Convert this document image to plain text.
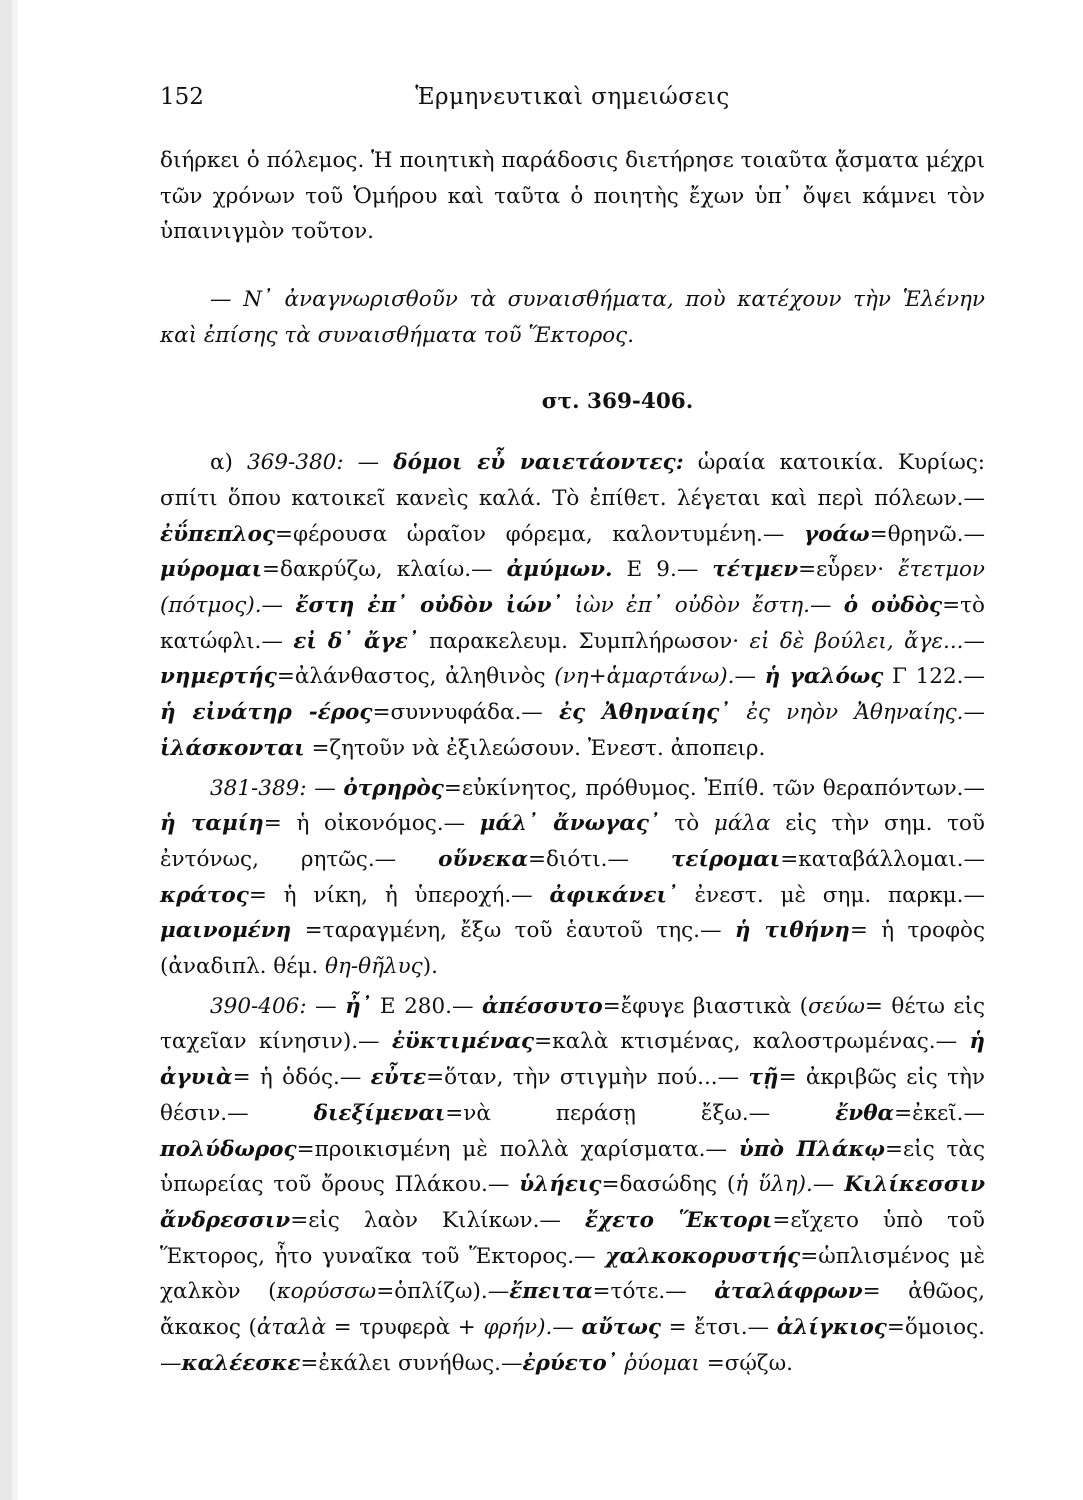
152	Ἑρμηνευτικαὶ σημειώσεις

διήρκει ὁ πόλεμος. Ἡ ποιητικὴ παράδοσις διετήρησε τοιαῦτα ᾄσματα μέχρι τῶν χρόνων τοῦ Ὁμήρου καὶ ταῦτα ὁ ποιητὴς ἔχων ὑπ᾿ ὄψει κάμνει τὸν ὑπαινιγμὸν τοῦτον.

— Ν᾿ ἀναγνωρισθοῦν τὰ συναισθήματα, ποὺ κατέχουν τὴν Ἑλένην καὶ ἐπίσης τὰ συναισθήματα τοῦ Ἕκτορος.

στ. 369-406.

α) 369-380: — δόμοι εὖ ναιετάοντες: ὡραία κατοικία. Κυρίως: σπίτι ὅπου κατοικεῖ κανεὶς καλά. Τὸ ἐπίθετ. λέγεται καὶ περὶ πόλεων.— ἐΰπεπλος=φέρουσα ὡραῖον φόρεμα, καλοντυμένη.— γοάω=θρηνῶ.— μύρομαι=δακρύζω, κλαίω.— ἀμύμων. Ε 9.— τέτμεν=εὗρεν· ἔτετμον (πότμος).— ἔστη ἐπ᾿ οὐδὸν ἰών᾿ ἰὼν ἐπ᾿ οὐδὸν ἔστη.— ὁ οὐδὸς=τὸ κατώφλι.— εἰ δ᾿ ἄγε᾿ παρακελευμ. Συμπλήρωσον· εἰ δὲ βούλει, ἄγε...— νημερτής=ἀλάνθαστος, ἀληθινὸς (νη+ἁμαρτάνω).— ἡ γαλόως Γ 122.— ἡ εἰνάτηρ -έρος=συννυφάδα.— ἐς Ἀθηναίης᾿ ἐς νηὸν Ἀθηναίης.— ἱλάσκονται =ζητοῦν νὰ ἐξιλεώσουν. Ἐνεστ. ἀποπειρ.

381-389: — ὀτρηρὸς=εὐκίνητος, πρόθυμος. Ἐπίθ. τῶν θεραπόντων.— ἡ ταμίη= ἡ οἰκονόμος.— μάλ᾿ ἄνωγας᾿ τὸ μάλα εἰς τὴν σημ. τοῦ ἐντόνως, ρητῶς.— οὕνεκα=διότι.— τείρομαι=καταβάλλομαι.— κράτος= ἡ νίκη, ἡ ὑπεροχή.— ἀφικάνει᾿ ἐνεστ. μὲ σημ. παρκμ.— μαινομένη =ταραγμένη, ἔξω τοῦ ἑαυτοῦ της.— ἡ τιθήνη= ἡ τροφὸς (ἀναδιπλ. θέμ. θη-θῆλυς).

390-406: — ἦ᾿ Ε 280.— ἀπέσσυτο=ἔφυγε βιαστικὰ (σεύω= θέτω εἰς ταχεῖαν κίνησιν).— ἐϋκτιμένας=καλὰ κτισμένας, καλοστρωμένας.— ἡ ἀγυιὰ= ἡ ὁδός.— εὖτε=ὅταν, τὴν στιγμὴν πού...— τῇ= ἀκριβῶς εἰς τὴν θέσιν.— διεξίμεναι=νὰ περάσῃ ἔξω.— ἔνθα=ἐκεῖ.— πολύδωρος=προικισμένη μὲ πολλὰ χαρίσματα.— ὑπὸ Πλάκῳ=εἰς τὰς ὑπωρείας τοῦ ὄρους Πλάκου.— ὑλήεις=δασώδης (ἡ ὕλη).— Κιλίκεσσιν ἄνδρεσσιν=εἰς λαὸν Κιλίκων.— ἔχετο Ἕκτορι=εἴχετο ὑπὸ τοῦ Ἕκτορος, ἦτο γυναῖκα τοῦ Ἕκτορος.— χαλκοκορυστής=ὡπλισμένος μὲ χαλκὸν (κορύσσω=ὁπλίζω).—ἔπειτα=τότε.— ἀταλάφρων= ἀθῶος, ἄκακος (ἀταλὰ = τρυφερὰ + φρήν).— αὔτως = ἔτσι.— ἀλίγκιος=ὅμοιος.—καλέεσκε=ἐκάλει συνήθως.—ἐρύετο᾿ ῥύομαι =σῴζω.
